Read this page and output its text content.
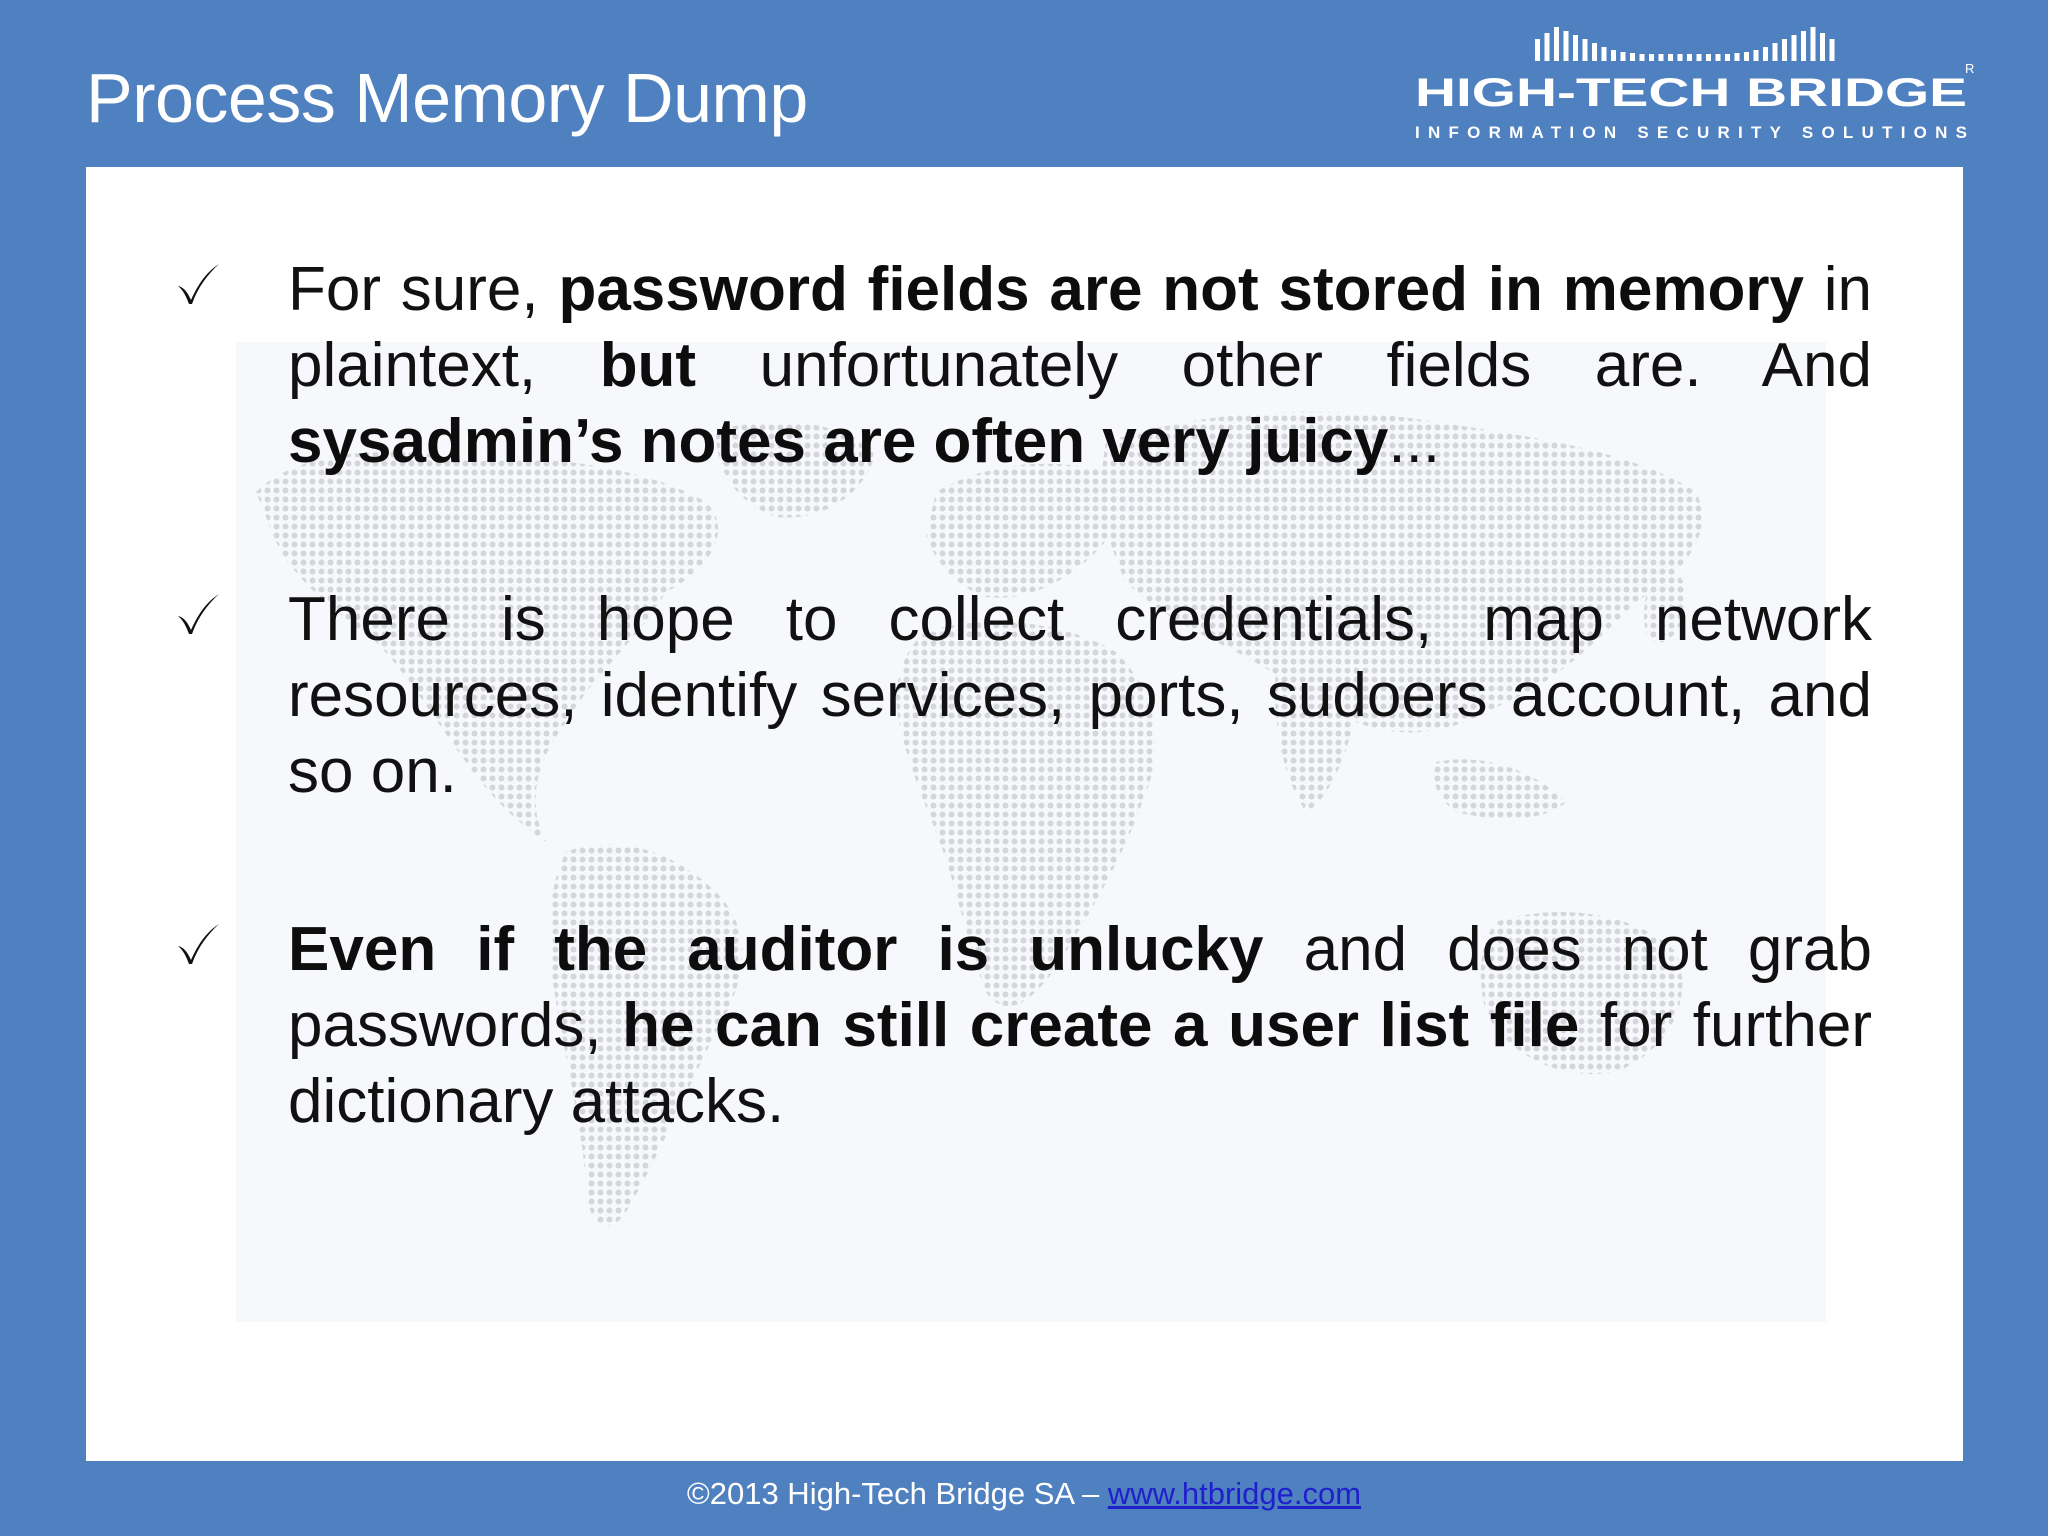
Process Memory Dump	R
HIGH-TECH BRIDGE
INFORMATION SECURITY SOLUTIONS
For sure, password fields are not stored in memory in plaintext, but unfortunately other fields are. And sysadmin’s notes are often very juicy...
There is hope to collect credentials, map network resources, identify services, ports, sudoers account, and so on.
Even if the auditor is unlucky and does not grab passwords, he can still create a user list file for further dictionary attacks.
©2013 High-Tech Bridge SA – www.htbridge.com
